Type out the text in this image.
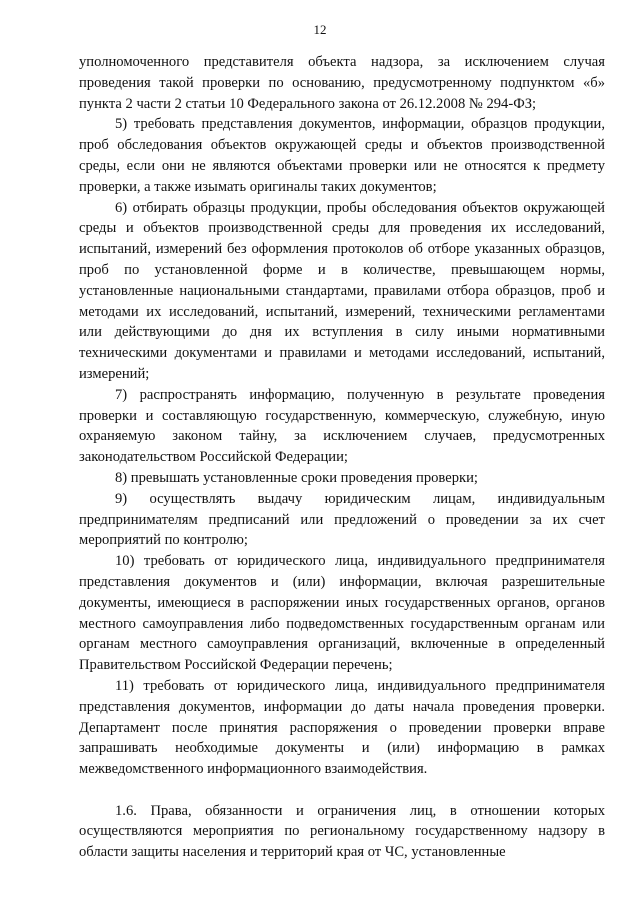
12

уполномоченного представителя объекта надзора, за исключением случая проведения такой проверки по основанию, предусмотренному подпунктом «б» пункта 2 части 2 статьи 10 Федерального закона от 26.12.2008 № 294-ФЗ;

5) требовать представления документов, информации, образцов продукции, проб обследования объектов окружающей среды и объектов производственной среды, если они не являются объектами проверки или не относятся к предмету проверки, а также изымать оригиналы таких документов;

6) отбирать образцы продукции, пробы обследования объектов окружающей среды и объектов производственной среды для проведения их исследований, испытаний, измерений без оформления протоколов об отборе указанных образцов, проб по установленной форме и в количестве, превышающем нормы, установленные национальными стандартами, правилами отбора образцов, проб и методами их исследований, испытаний, измерений, техническими регламентами или действующими до дня их вступления в силу иными нормативными техническими документами и правилами и методами исследований, испытаний, измерений;

7) распространять информацию, полученную в результате проведения проверки и составляющую государственную, коммерческую, служебную, иную охраняемую законом тайну, за исключением случаев, предусмотренных законодательством Российской Федерации;

8) превышать установленные сроки проведения проверки;

9) осуществлять выдачу юридическим лицам, индивидуальным предпринимателям предписаний или предложений о проведении за их счет мероприятий по контролю;

10) требовать от юридического лица, индивидуального предпринимателя представления документов и (или) информации, включая разрешительные документы, имеющиеся в распоряжении иных государственных органов, органов местного самоуправления либо подведомственных государственным органам или органам местного самоуправления организаций, включенные в определенный Правительством Российской Федерации перечень;

11) требовать от юридического лица, индивидуального предпринимателя представления документов, информации до даты начала проведения проверки. Департамент после принятия распоряжения о проведении проверки вправе запрашивать необходимые документы и (или) информацию в рамках межведомственного информационного взаимодействия.

1.6. Права, обязанности и ограничения лиц, в отношении которых осуществляются мероприятия по региональному государственному надзору в области защиты населения и территорий края от ЧС, установленные
